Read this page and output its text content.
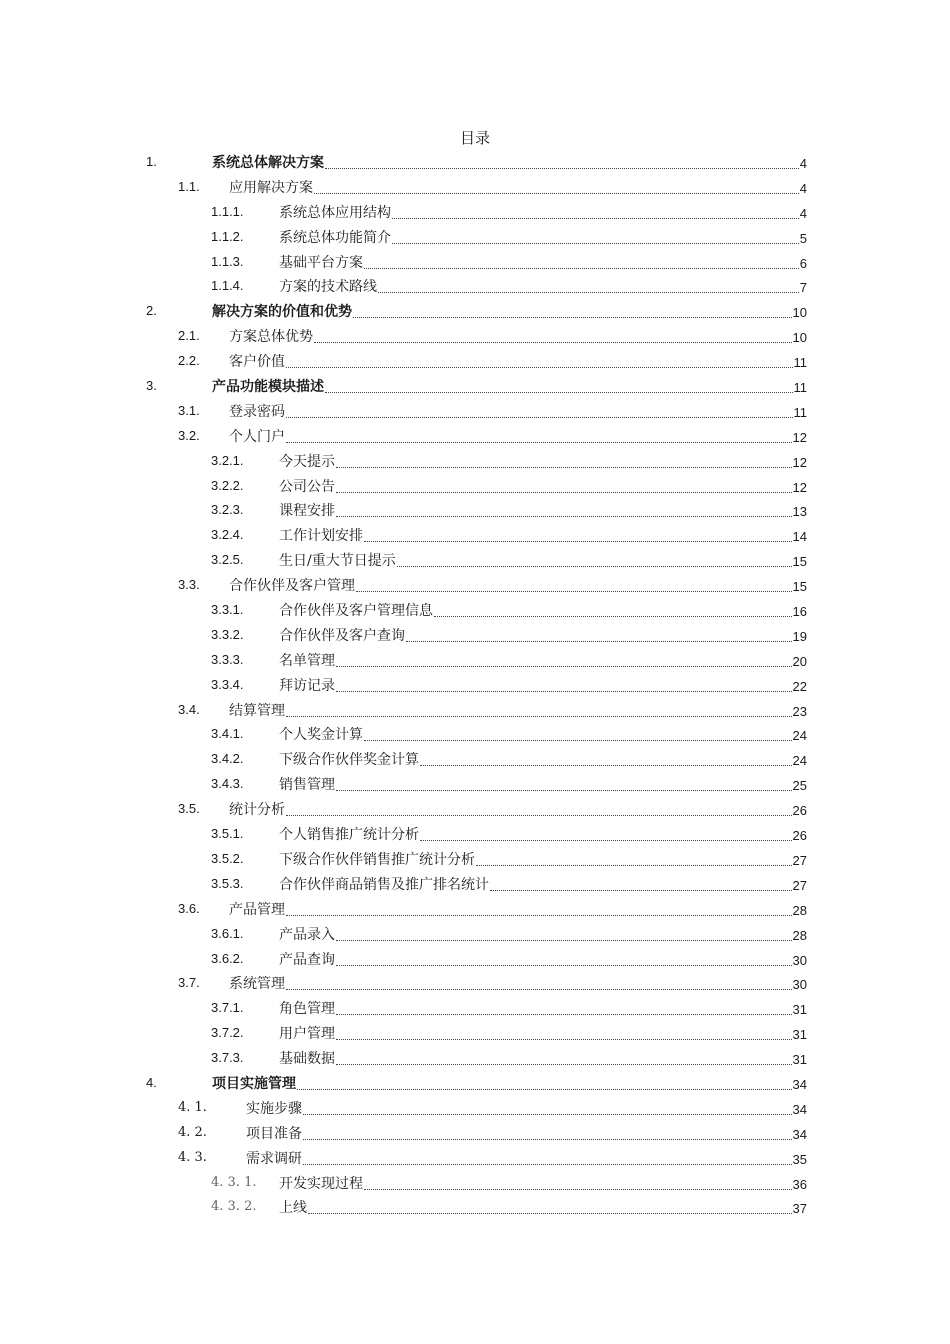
目录
1.	系统总体解决方案	4
1.1. 应用解决方案	4
1.1.1.	系统总体应用结构	4
1.1.2.	系统总体功能简介	5
1.1.3.	基础平台方案	6
1.1.4.	方案的技术路线	7
2.	解决方案的价值和优势	10
2.1. 方案总体优势	10
2.2. 客户价值	11
3.	产品功能模块描述	11
3.1. 登录密码	11
3.2. 个人门户	12
3.2.1.	今天提示	12
3.2.2.	公司公告	12
3.2.3.	课程安排	13
3.2.4.	工作计划安排	14
3.2.5.	生日/重大节日提示	15
3.3. 合作伙伴及客户管理	15
3.3.1.	合作伙伴及客户管理信息	16
3.3.2.	合作伙伴及客户查询	19
3.3.3.	名单管理	20
3.3.4.	拜访记录	22
3.4. 结算管理	23
3.4.1.	个人奖金计算	24
3.4.2.	下级合作伙伴奖金计算	24
3.4.3.	销售管理	25
3.5. 统计分析	26
3.5.1.	个人销售推广统计分析	26
3.5.2.	下级合作伙伴销售推广统计分析	27
3.5.3.	合作伙伴商品销售及推广排名统计	27
3.6. 产品管理	28
3.6.1.	产品录入	28
3.6.2.	产品查询	30
3.7. 系统管理	30
3.7.1.	角色管理	31
3.7.2.	用户管理	31
3.7.3.	基础数据	31
4.	项目实施管理	34
4. 1.	实施步骤	34
4. 2.	项目准备	34
4. 3.	需求调研	35
4. 3. 1. 开发实现过程	36
4. 3. 2. 上线	37
